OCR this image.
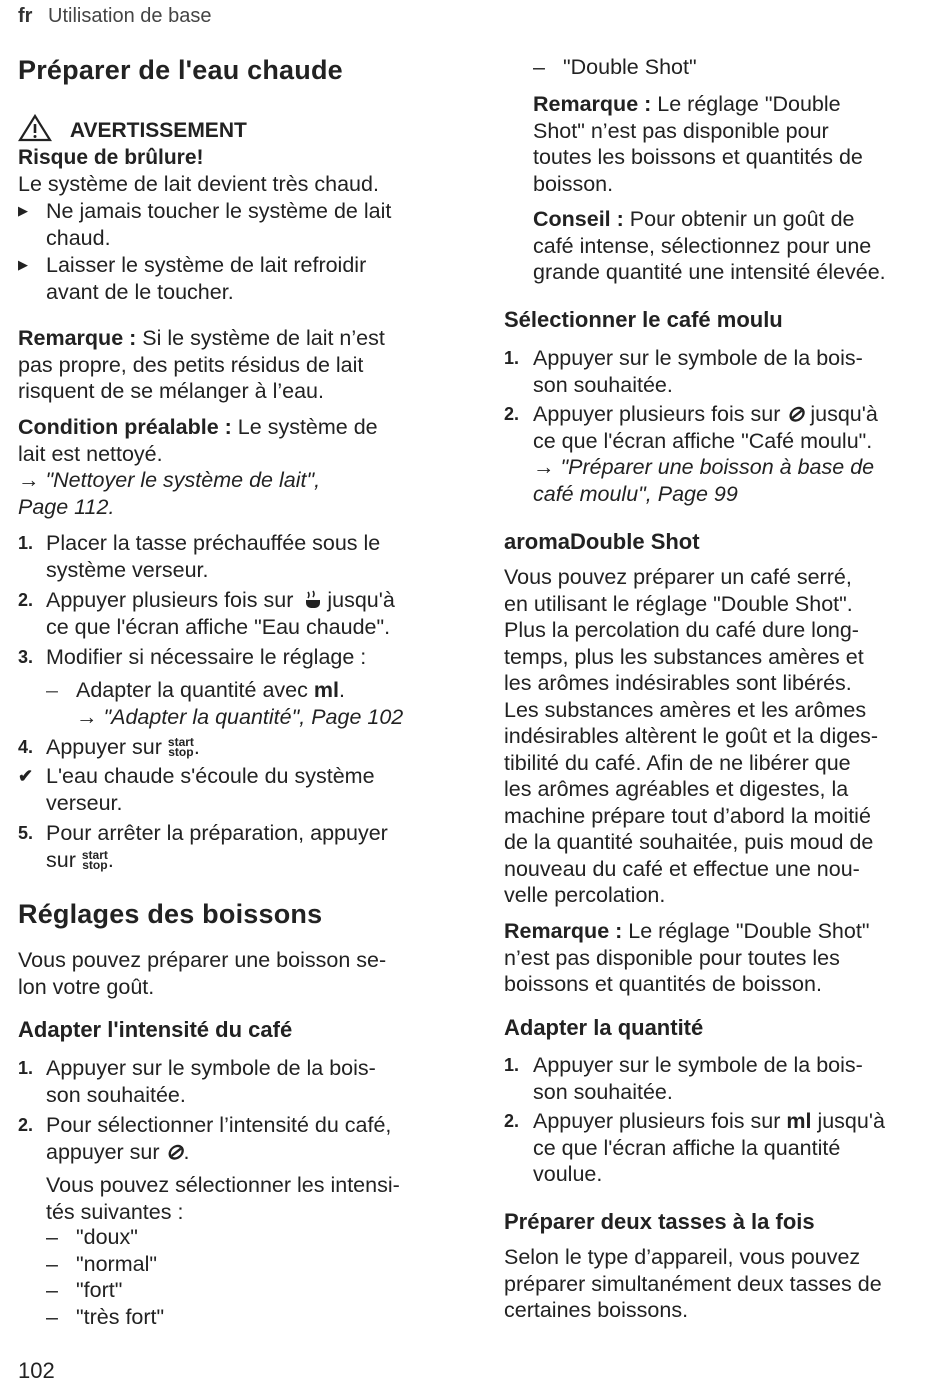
fr Utilisation de base
Préparer de l'eau chaude
AVERTISSEMENT
Risque de brûlure!
Le système de lait devient très chaud.
▶ Ne jamais toucher le système de lait
chaud.
▶ Laisser le système de lait refroidir
avant de le toucher.
Remarque : Si le système de lait n’est
pas propre, des petits résidus de lait
risquent de se mélanger à l’eau.
Condition préalable : Le système de
lait est nettoyé.
→ "Nettoyer le système de lait",
Page 112.
1. Placer la tasse préchauffée sous le
système verseur.
2. Appuyer plusieurs fois sur jusqu'à
ce que l'écran affiche "Eau chaude".
3. Modifier si nécessaire le réglage :
– Adapter la quantité avec ml.
→ "Adapter la quantité", Page 102
4. Appuyer sur start
stop .
✔ L'eau chaude s'écoule du système
verseur.
5. Pour arrêter la préparation, appuyer
sur start
stop .
Réglages des boissons
Vous pouvez préparer une boisson se-
lon votre goût.
Adapter l'intensité du café
1. Appuyer sur le symbole de la bois-
son souhaitée.
2. Pour sélectionner l’intensité du café,
appuyer sur ⊘.
Vous pouvez sélectionner les intensi-
tés suivantes :
– "doux"
– "normal"
– "fort"
– "très fort"
102
– "Double Shot"
Remarque : Le réglage "Double
Shot" n’est pas disponible pour
toutes les boissons et quantités de
boisson.
Conseil : Pour obtenir un goût de
café intense, sélectionnez pour une
grande quantité une intensité élevée.
Sélectionner le café moulu
1. Appuyer sur le symbole de la bois-
son souhaitée.
2. Appuyer plusieurs fois sur ⊘ jusqu'à
ce que l'écran affiche "Café moulu".
→ "Préparer une boisson à base de
café moulu", Page 99
aromaDouble Shot
Vous pouvez préparer un café serré,
en utilisant le réglage "Double Shot".
Plus la percolation du café dure long-
temps, plus les substances amères et
les arômes indésirables sont libérés.
Les substances amères et les arômes
indésirables altèrent le goût et la diges-
tibilité du café. Afin de ne libérer que
les arômes agréables et digestes, la
machine prépare tout d’abord la moitié
de la quantité souhaitée, puis moud de
nouveau du café et effectue une nou-
velle percolation.
Remarque : Le réglage "Double Shot"
n’est pas disponible pour toutes les
boissons et quantités de boisson.
Adapter la quantité
1. Appuyer sur le symbole de la bois-
son souhaitée.
2. Appuyer plusieurs fois sur ml jusqu'à
ce que l'écran affiche la quantité
voulue.
Préparer deux tasses à la fois
Selon le type d’appareil, vous pouvez
préparer simultanément deux tasses de
certaines boissons.
